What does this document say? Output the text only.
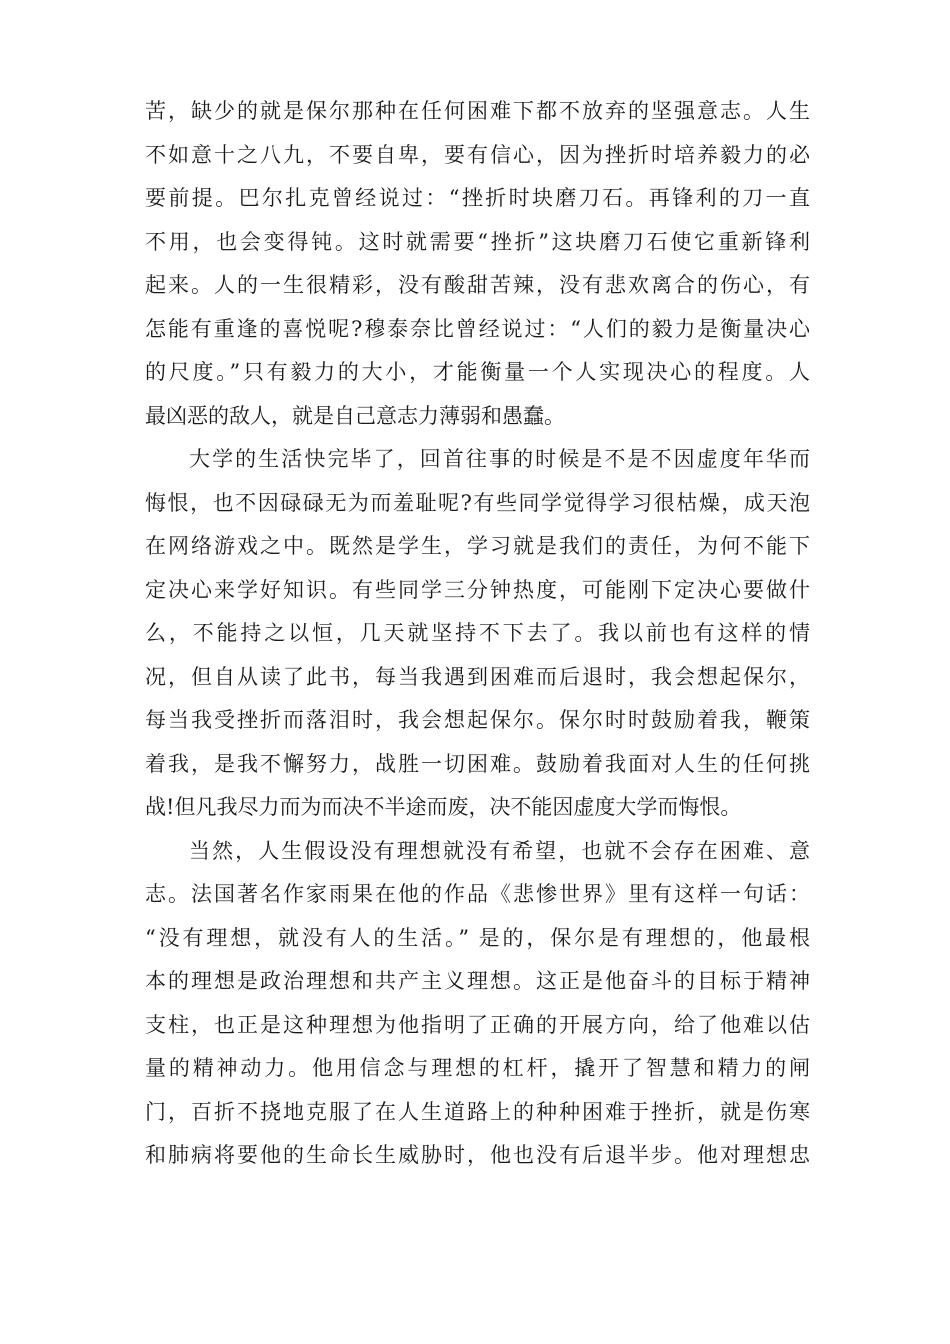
苦，缺少的就是保尔那种在任何困难下都不放弃的坚强意志。人生
不如意十之八九，不要自卑，要有信心，因为挫折时培养毅力的必
要前提。巴尔扎克曾经说过：“挫折时块磨刀石。再锋利的刀一直
不用，也会变得钝。这时就需要“挫折”这块磨刀石使它重新锋利
起来。人的一生很精彩，没有酸甜苦辣，没有悲欢离合的伤心，有
怎能有重逢的喜悦呢?穆泰奈比曾经说过：“人们的毅力是衡量决心
的尺度。”只有毅力的大小，才能衡量一个人实现决心的程度。人
最凶恶的敌人，就是自己意志力薄弱和愚蠢。
大学的生活快完毕了，回首往事的时候是不是不因虚度年华而
悔恨，也不因碌碌无为而羞耻呢?有些同学觉得学习很枯燥，成天泡
在网络游戏之中。既然是学生，学习就是我们的责任，为何不能下
定决心来学好知识。有些同学三分钟热度，可能刚下定决心要做什
么，不能持之以恒，几天就坚持不下去了。我以前也有这样的情
况，但自从读了此书，每当我遇到困难而后退时，我会想起保尔，
每当我受挫折而落泪时，我会想起保尔。保尔时时鼓励着我，鞭策
着我，是我不懈努力，战胜一切困难。鼓励着我面对人生的任何挑
战!但凡我尽力而为而决不半途而废，决不能因虚度大学而悔恨。
当然，人生假设没有理想就没有希望，也就不会存在困难、意
志。法国著名作家雨果在他的作品《悲惨世界》里有这样一句话：
“没有理想，就没有人的生活。” 是的，保尔是有理想的，他最根
本的理想是政治理想和共产主义理想。这正是他奋斗的目标于精神
支柱，也正是这种理想为他指明了正确的开展方向，给了他难以估
量的精神动力。他用信念与理想的杠杆，撬开了智慧和精力的闸
门，百折不挠地克服了在人生道路上的种种困难于挫折，就是伤寒
和肺病将要他的生命长生威胁时，他也没有后退半步。他对理想忠
